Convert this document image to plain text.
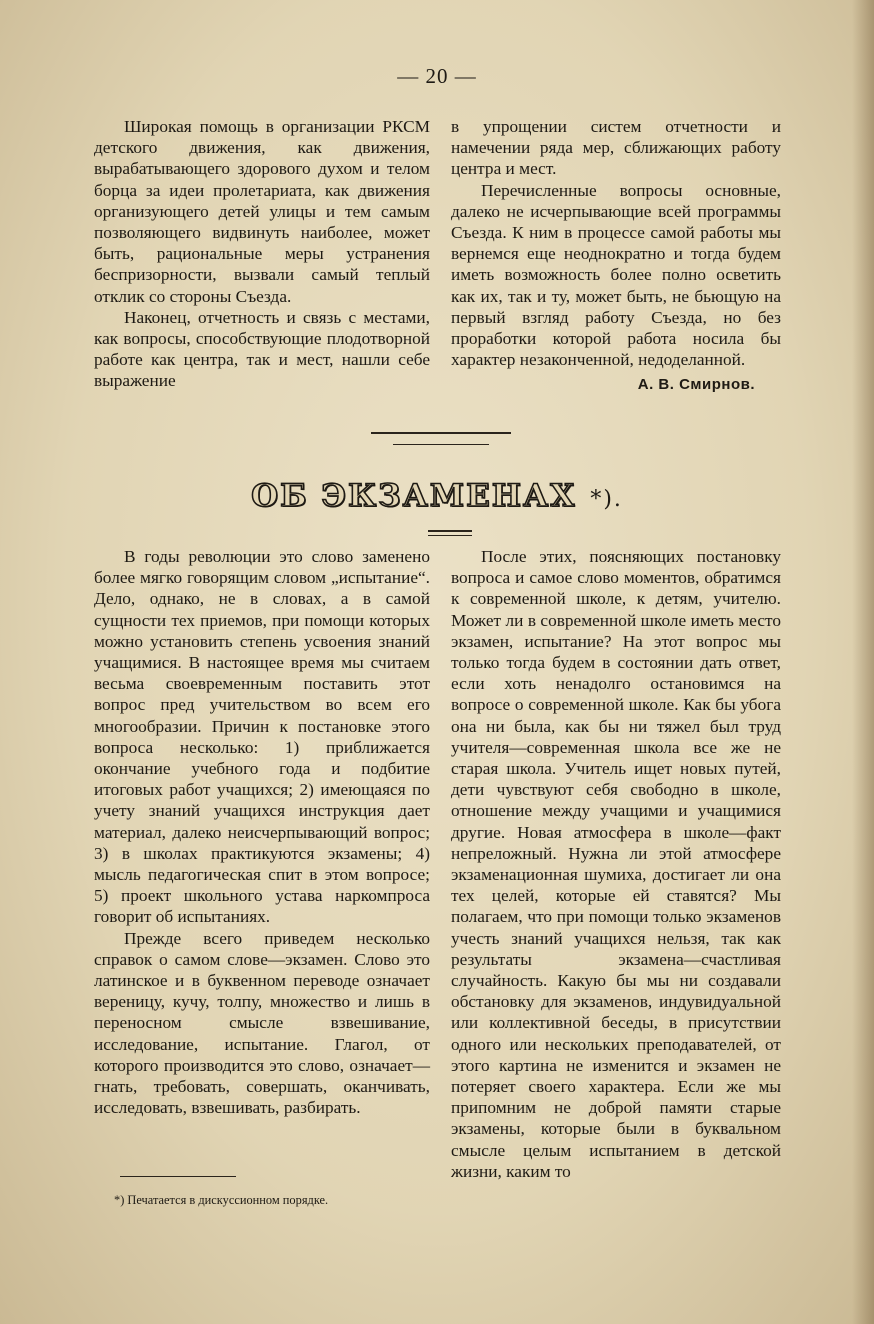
— 20 —

Широкая помощь в организации РКСМ детского движения, как движения, вырабатывающего здорового духом и телом борца за идеи пролетариата, как движения организующего детей улицы и тем самым позволяющего видвинуть наиболее, может быть, рациональные меры устранения беспризорности, вызвали самый теплый отклик со стороны Съезда.

Наконец, отчетность и связь с местами, как вопросы, способствующие плодотворной работе как центра, так и мест, нашли себе выражение

в упрощении систем отчетности и намечении ряда мер, сближающих работу центра и мест.

Перечисленные вопросы основные, далеко не исчерпывающие всей программы Съезда. К ним в процессе самой работы мы вернемся еще неоднократно и тогда будем иметь возможность более полно осветить как их, так и ту, может быть, не бьющую на первый взгляд работу Съезда, но без проработки которой работа носила бы характер незаконченной, недоделанной.

А. В. Смирнов.
ОБ ЭКЗАМЕНАХ *).

В годы революции это слово заменено более мягко говорящим словом „испытание“. Дело, однако, не в словах, а в самой сущности тех приемов, при помощи которых можно установить степень усвоения знаний учащимися. В настоящее время мы считаем весьма своевременным поставить этот вопрос пред учительством во всем его многообразии. Причин к постановке этого вопроса несколько: 1) приближается окончание учебного года и подбитие итоговых работ учащихся; 2) имеющаяся по учету знаний учащихся инструкция дает материал, далеко неисчерпывающий вопрос; 3) в школах практикуются экзамены; 4) мысль педагогическая спит в этом вопросе; 5) проект школьного устава наркомпроса говорит об испытаниях.

Прежде всего приведем несколько справок о самом слове—экзамен. Слово это латинское и в буквенном переводе означает вереницу, кучу, толпу, множество и лишь в переносном смысле взвешивание, исследование, испытание. Глагол, от которого производится это слово, означает—гнать, требовать, совершать, оканчивать, исследовать, взвешивать, разбирать.

После этих, поясняющих постановку вопроса и самое слово моментов, обратимся к современной школе, к детям, учителю. Может ли в современной школе иметь место экзамен, испытание? На этот вопрос мы только тогда будем в состоянии дать ответ, если хоть ненадолго остановимся на вопросе о современной школе. Как бы убога она ни была, как бы ни тяжел был труд учителя—современная школа все же не старая школа. Учитель ищет новых путей, дети чувствуют себя свободно в школе, отношение между учащими и учащимися другие. Новая атмосфера в школе—факт непреложный. Нужна ли этой атмосфере экзаменационная шумиха, достигает ли она тех целей, которые ей ставятся? Мы полагаем, что при помощи только экзаменов учесть знаний учащихся нельзя, так как результаты экзамена—счастливая случайность. Какую бы мы ни создавали обстановку для экзаменов, индувидуальной или коллективной беседы, в присутствии одного или нескольких преподавателей, от этого картина не изменится и экзамен не потеряет своего характера. Если же мы припомним не доброй памяти старые экзамены, которые были в буквальном смысле целым испытанием в детской жизни, каким то

*) Печатается в дискуссионном порядке.
